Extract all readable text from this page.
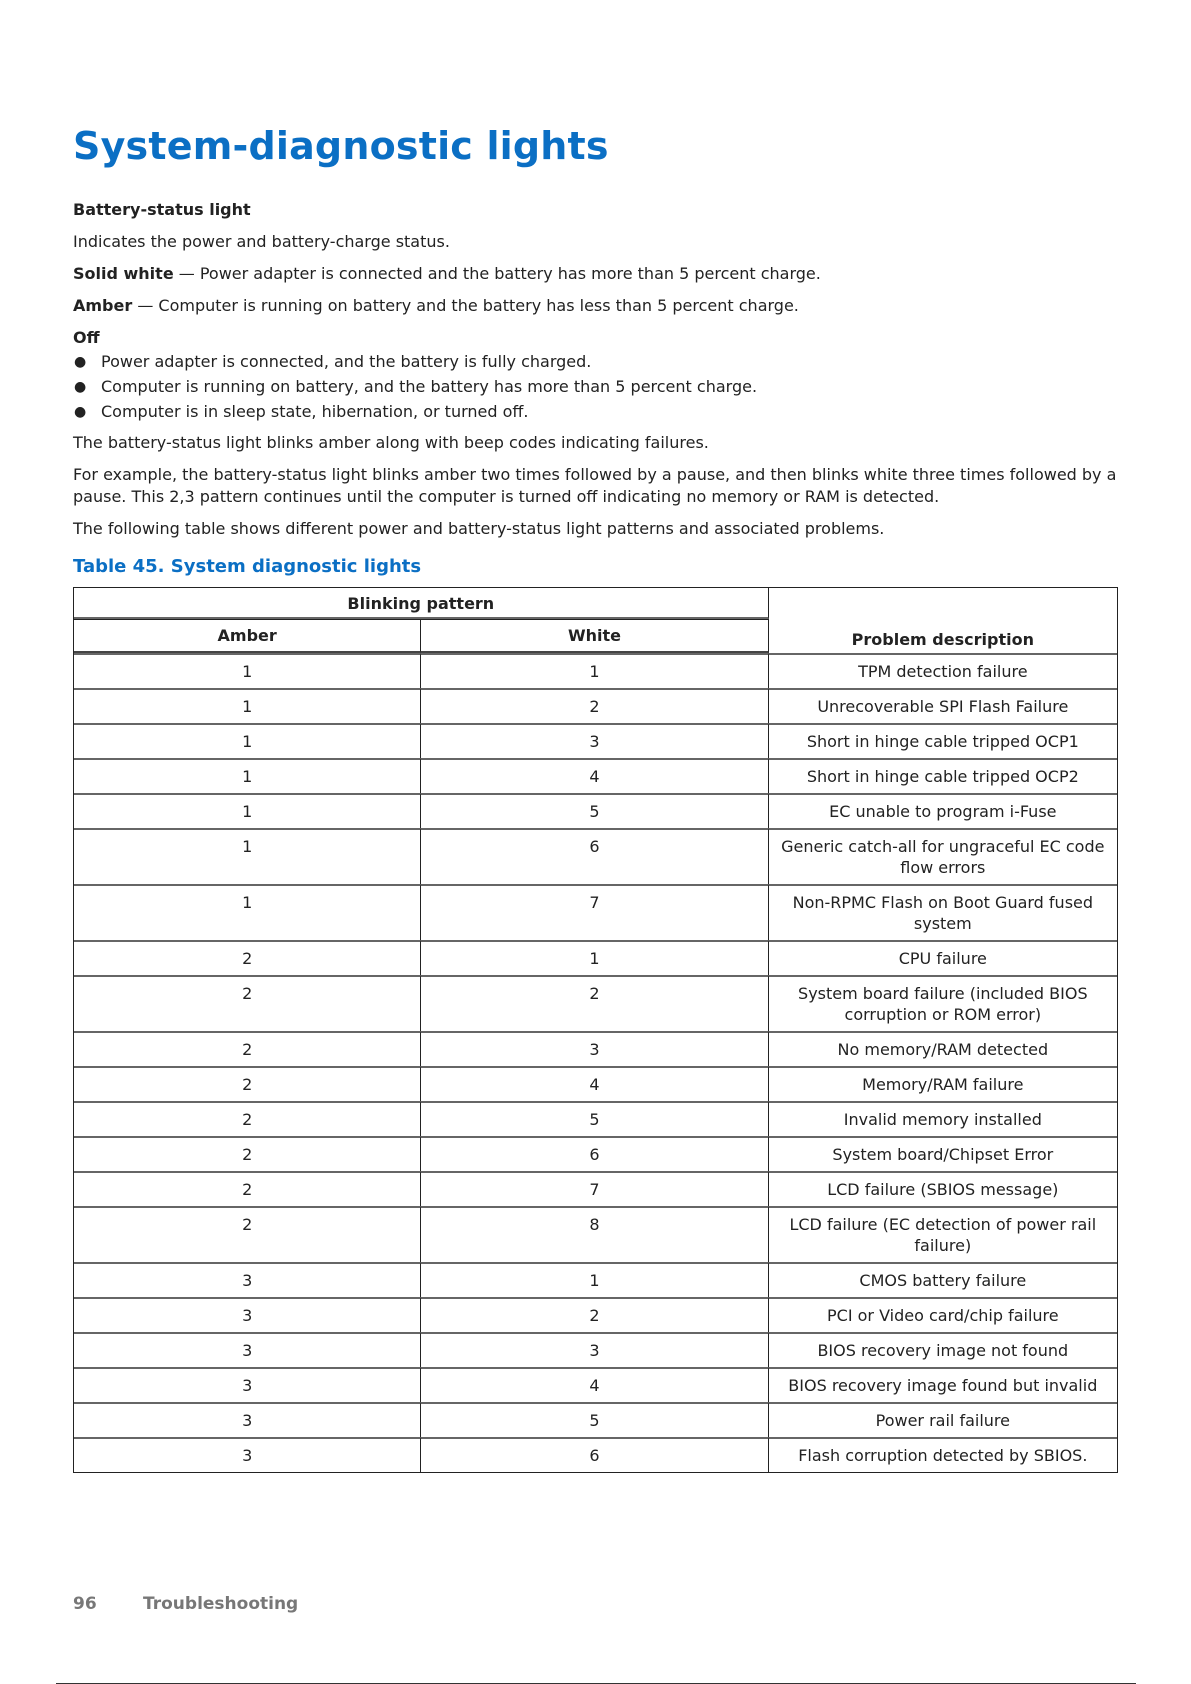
System-diagnostic lights
Battery-status light

Indicates the power and battery-charge status.

Solid white — Power adapter is connected and the battery has more than 5 percent charge.

Amber — Computer is running on battery and the battery has less than 5 percent charge.

Off
● Power adapter is connected, and the battery is fully charged.
● Computer is running on battery, and the battery has more than 5 percent charge.
● Computer is in sleep state, hibernation, or turned off.

The battery-status light blinks amber along with beep codes indicating failures.

For example, the battery-status light blinks amber two times followed by a pause, and then blinks white three times followed by a pause. This 2,3 pattern continues until the computer is turned off indicating no memory or RAM is detected.

The following table shows different power and battery-status light patterns and associated problems.

Table 45. System diagnostic lights
Blinking pattern		Problem description
Amber	White	
1	1	TPM detection failure
1	2	Unrecoverable SPI Flash Failure
1	3	Short in hinge cable tripped OCP1
1	4	Short in hinge cable tripped OCP2
1	5	EC unable to program i-Fuse
1	6	Generic catch-all for ungraceful EC code flow errors
1	7	Non-RPMC Flash on Boot Guard fused system
2	1	CPU failure
2	2	System board failure (included BIOS corruption or ROM error)
2	3	No memory/RAM detected
2	4	Memory/RAM failure
2	5	Invalid memory installed
2	6	System board/Chipset Error
2	7	LCD failure (SBIOS message)
2	8	LCD failure (EC detection of power rail failure)
3	1	CMOS battery failure
3	2	PCI or Video card/chip failure
3	3	BIOS recovery image not found
3	4	BIOS recovery image found but invalid
3	5	Power rail failure
3	6	Flash corruption detected by SBIOS.
96	Troubleshooting
